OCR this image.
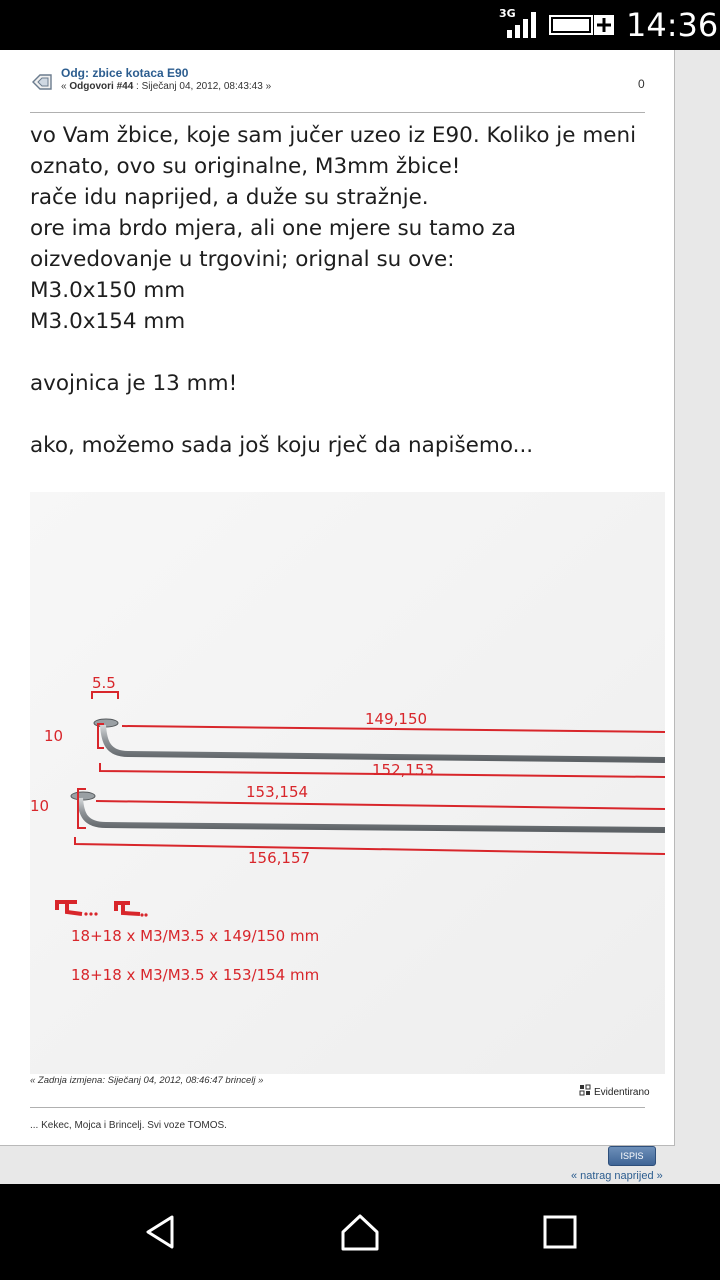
3G	14:36
Odg: zbice kotaca E90
« Odgovori #44 : Siječanj 04, 2012, 08:43:43 »	0
vo Vam žbice, koje sam jučer uzeo iz E90. Koliko je meni
oznato, ovo su originalne, M3mm žbice!
rače idu naprijed, a duže su stražnje.
ore ima brdo mjera, ali one mjere su tamo za
oizvedovanje u trgovini; orignal su ove:
M3.0x150 mm
M3.0x154 mm
avojnica je 13 mm!
ako, možemo sada još koju rječ da napišemo...
5.5
10
10
149,150
152,153
153,154
156,157
18+18 x M3/M3.5 x 149/150 mm
18+18 x M3/M3.5 x 153/154 mm
« Zadnja izmjena: Siječanj 04, 2012, 08:46:47 brincelj »
Evidentirano
... Kekec, Mojca i Brincelj. Svi voze TOMOS.
ISPIS
« natrag naprijed »
